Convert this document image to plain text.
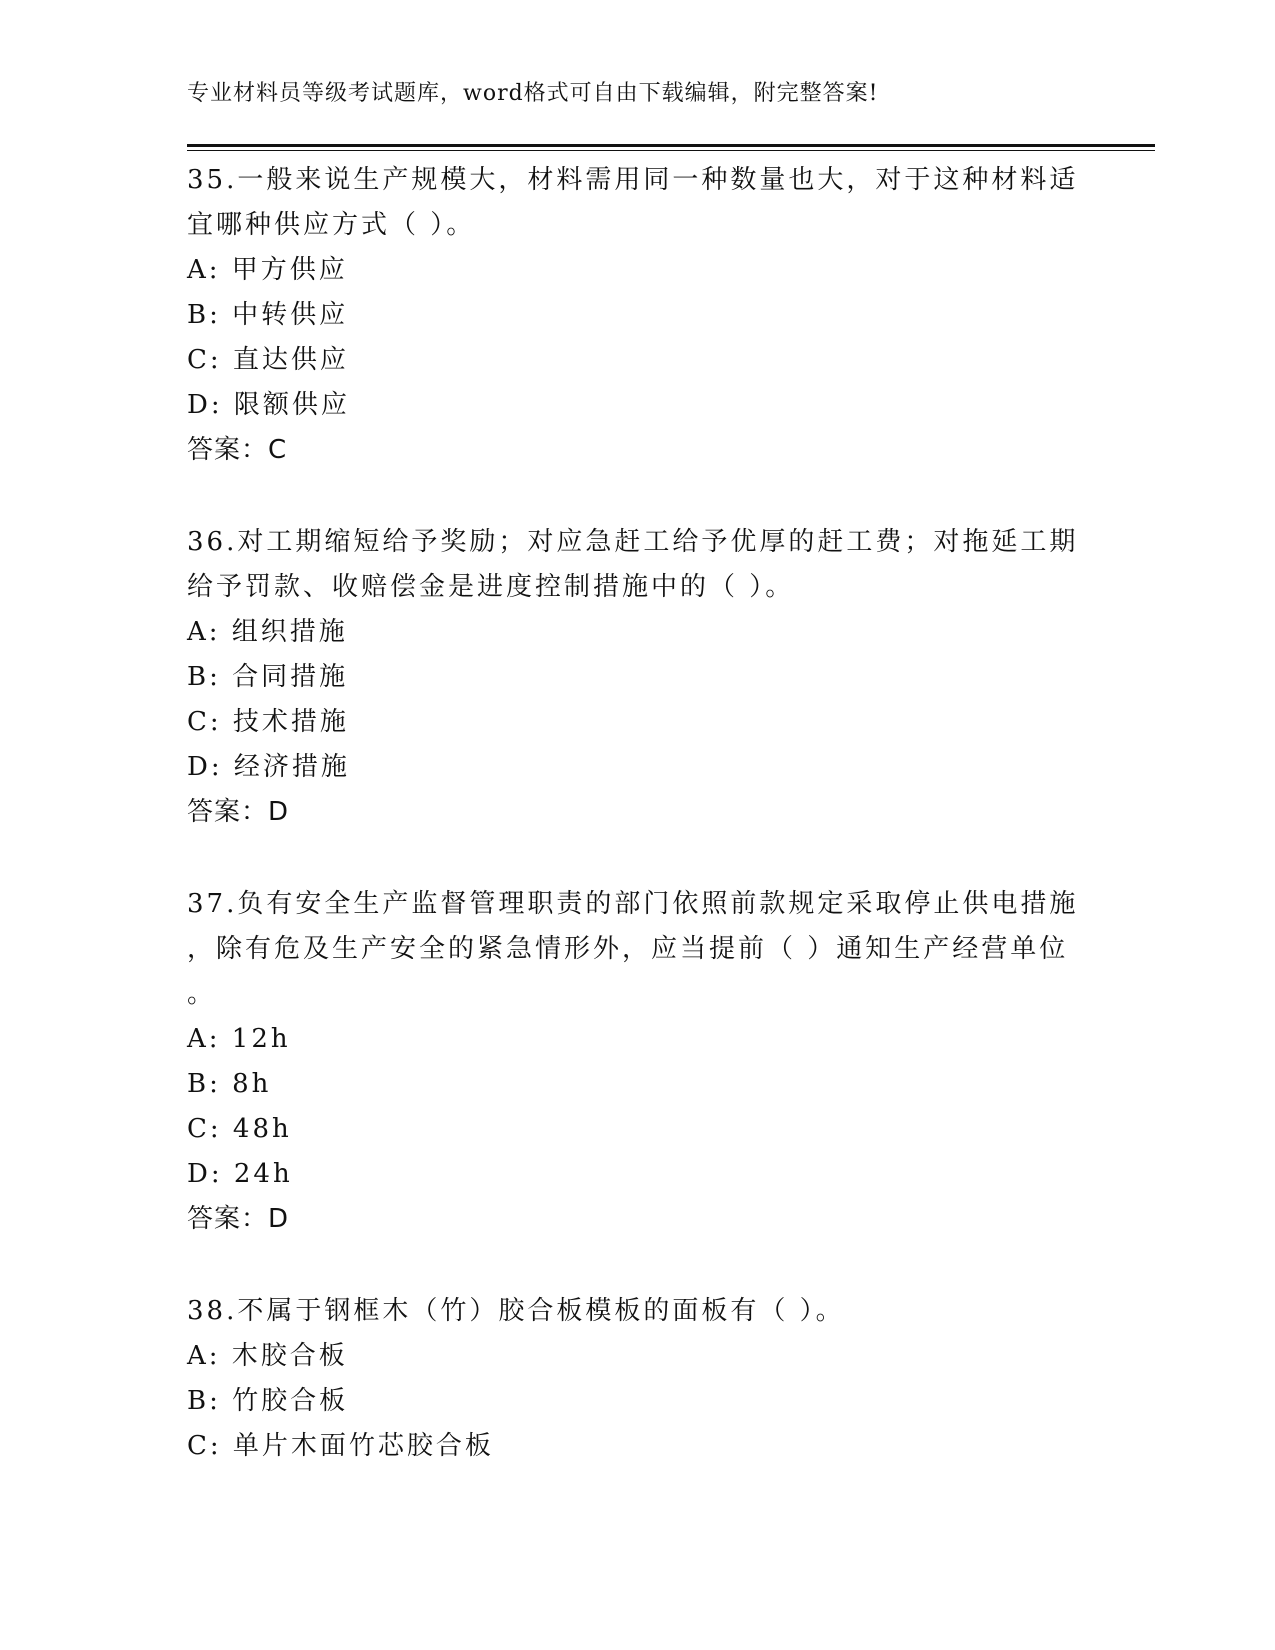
专业材料员等级考试题库，word格式可自由下载编辑，附完整答案!

35.一般来说生产规模大，材料需用同一种数量也大，对于这种材料适

宜哪种供应方式（ ）。

A: 甲方供应

B: 中转供应

C: 直达供应

D: 限额供应

答案：C

36.对工期缩短给予奖励；对应急赶工给予优厚的赶工费；对拖延工期

给予罚款、收赔偿金是进度控制措施中的（ ）。

A: 组织措施

B: 合同措施

C: 技术措施

D: 经济措施

答案：D

37.负有安全生产监督管理职责的部门依照前款规定采取停止供电措施

，除有危及生产安全的紧急情形外，应当提前（ ）通知生产经营单位

。

A: 12h

B: 8h

C: 48h

D: 24h

答案：D

38.不属于钢框木（竹）胶合板模板的面板有（ ）。

A: 木胶合板

B: 竹胶合板

C: 单片木面竹芯胶合板
